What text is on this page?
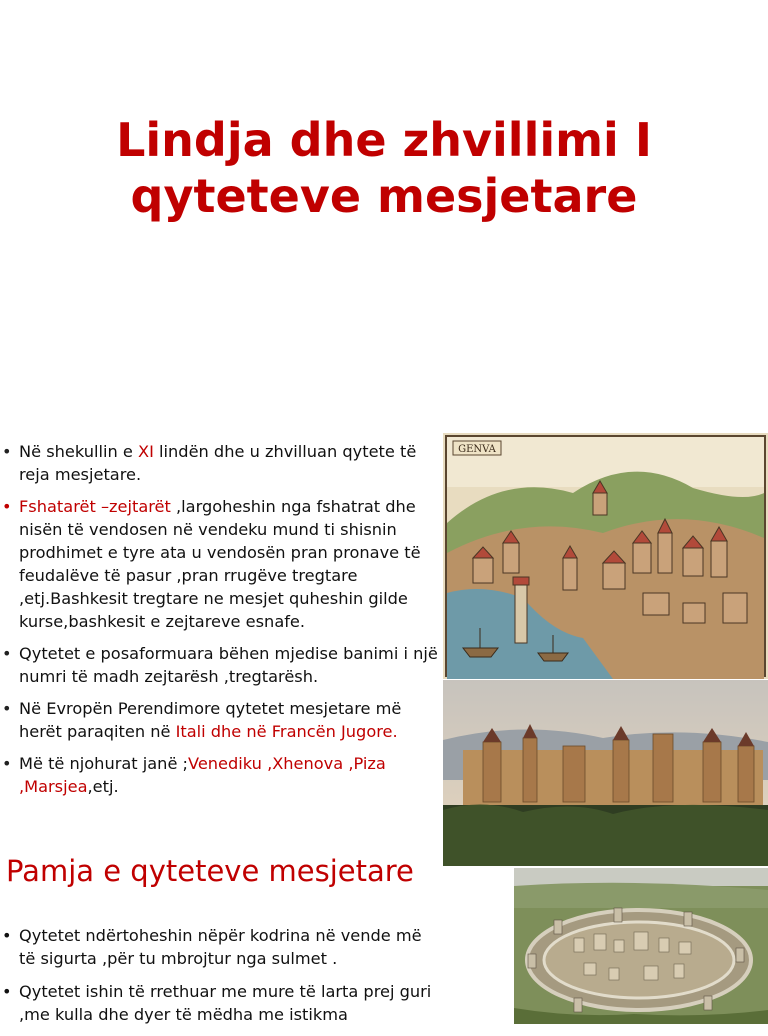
Lindja dhe zhvillimi I qyteteve mesjetare
• Në shekullin e XI lindën dhe u zhvilluan qytete të reja mesjetare.
• Fshatarët –zejtarët ,largoheshin nga fshatrat dhe nisën të vendosen në vendeku mund ti shisnin prodhimet e tyre ata u vendosën pran pronave të feudalëve të pasur ,pran rrugëve tregtare ,etj.Bashkesit tregtare ne mesjet quheshin gilde kurse,bashkesit e zejtareve esnafe.
• Qytetet e posaformuara bëhen mjedise banimi i një numri të madh zejtarësh ,tregtarësh.
• Në Evropën Perendimore qytetet mesjetare më herët paraqiten në Itali dhe në Francën Jugore.
• Më të njohurat janë ;Venediku ,Xhenova ,Piza ,Marsjea,etj.
GENVA
Pamja e qyteteve mesjetare
• Qytetet ndërtoheshin nëpër kodrina në vende më të sigurta ,për tu mbrojtur nga sulmet .
• Qytetet ishin të rrethuar me mure të larta prej guri ,me kulla dhe dyer të mëdha me istikma
